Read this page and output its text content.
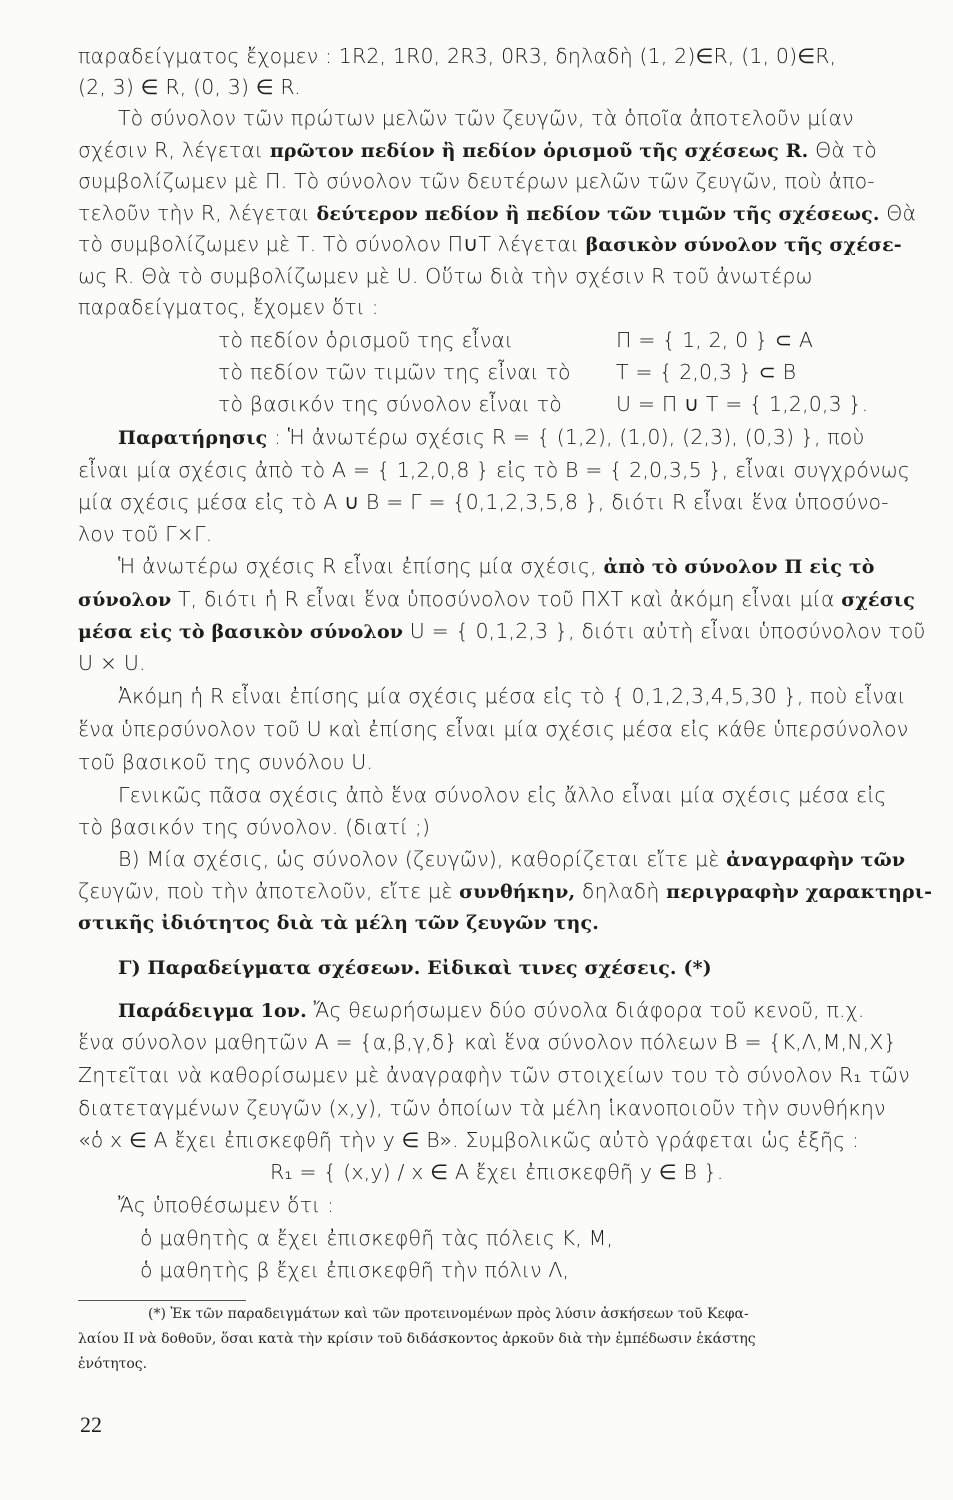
παραδείγματος ἔχομεν : 1R2, 1R0, 2R3, 0R3, δηλαδὴ (1, 2)∈R, (1, 0)∈R,
(2, 3) ∈ R, (0, 3) ∈ R.
Τὸ σύνολον τῶν πρώτων μελῶν τῶν ζευγῶν, τὰ ὁποῖα ἀποτελοῦν μίαν
σχέσιν R, λέγεται πρῶτον πεδίον ἢ πεδίον ὁρισμοῦ τῆς σχέσεως R. Θὰ τὸ
συμβολίζωμεν μὲ Π. Τὸ σύνολον τῶν δευτέρων μελῶν τῶν ζευγῶν, ποὺ ἀπο-
τελοῦν τὴν R, λέγεται δεύτερον πεδίον ἢ πεδίον τῶν τιμῶν τῆς σχέσεως. Θὰ
τὸ συμβολίζωμεν μὲ Τ. Τὸ σύνολον Π∪Τ λέγεται βασικὸν σύνολον τῆς σχέσε-
ως R. Θὰ τὸ συμβολίζωμεν μὲ U. Οὕτω διὰ τὴν σχέσιν R τοῦ ἀνωτέρω
παραδείγματος, ἔχομεν ὅτι :
τὸ πεδίον ὁρισμοῦ της εἶναι	Π = { 1, 2, 0 } ⊂ A
τὸ πεδίον τῶν τιμῶν της εἶναι τὸ Τ = { 2,0,3 } ⊂ B
τὸ βασικόν της σύνολον εἶναι τὸ	U = Π ∪ Τ = { 1,2,0,3 }.
Παρατήρησις : Ἡ ἀνωτέρω σχέσις R = { (1,2), (1,0), (2,3), (0,3) }, ποὺ
εἶναι μία σχέσις ἀπὸ τὸ A = { 1,2,0,8 } εἰς τὸ B = { 2,0,3,5 }, εἶναι συγχρόνως
μία σχέσις μέσα εἰς τὸ A ∪ B = Γ = {0,1,2,3,5,8 }, διότι R εἶναι ἕνα ὑποσύνο-
λον τοῦ Γ×Γ.
Ἡ ἀνωτέρω σχέσις R εἶναι ἐπίσης μία σχέσις, ἀπὸ τὸ σύνολον Π εἰς τὸ
σύνολον Τ, διότι ἡ R εἶναι ἕνα ὑποσύνολον τοῦ ΠΧΤ καὶ ἀκόμη εἶναι μία σχέσις
μέσα εἰς τὸ βασικὸν σύνολον U = { 0,1,2,3 }, διότι αὐτὴ εἶναι ὑποσύνολον τοῦ
U × U.
Ἀκόμη ἡ R εἶναι ἐπίσης μία σχέσις μέσα εἰς τὸ { 0,1,2,3,4,5,30 }, ποὺ εἶναι
ἕνα ὑπερσύνολον τοῦ U καὶ ἐπίσης εἶναι μία σχέσις μέσα εἰς κάθε ὑπερσύνολον
τοῦ βασικοῦ της συνόλου U.
Γενικῶς πᾶσα σχέσις ἀπὸ ἕνα σύνολον εἰς ἄλλο εἶναι μία σχέσις μέσα εἰς
τὸ βασικόν της σύνολον. (διατί ;)
Β) Μία σχέσις, ὡς σύνολον (ζευγῶν), καθορίζεται εἴτε μὲ ἀναγραφὴν τῶν
ζευγῶν, ποὺ τὴν ἀποτελοῦν, εἴτε μὲ συνθήκην, δηλαδὴ περιγραφὴν χαρακτηρι-
στικῆς ἰδιότητος διὰ τὰ μέλη τῶν ζευγῶν της.
Γ) Παραδείγματα σχέσεων. Εἰδικαὶ τινες σχέσεις. (*)
Παράδειγμα 1ον. Ἄς θεωρήσωμεν δύο σύνολα διάφορα τοῦ κενοῦ, π.χ.
ἕνα σύνολον μαθητῶν A = {α,β,γ,δ} καὶ ἕνα σύνολον πόλεων B = {Κ,Λ,Μ,Ν,Χ}
Ζητεῖται νὰ καθορίσωμεν μὲ ἀναγραφὴν τῶν στοιχείων του τὸ σύνολον R₁ τῶν
διατεταγμένων ζευγῶν (x,y), τῶν ὁποίων τὰ μέλη ἱκανοποιοῦν τὴν συνθήκην
«ὁ x ∈ A ἔχει ἐπισκεφθῆ τὴν y ∈ B». Συμβολικῶς αὐτὸ γράφεται ὡς ἑξῆς :
R₁ = { (x,y) / x ∈ A ἔχει ἐπισκεφθῆ y ∈ B }.
Ἄς ὑποθέσωμεν ὅτι :
ὁ μαθητὴς α ἔχει ἐπισκεφθῆ τὰς πόλεις Κ, Μ,
ὁ μαθητὴς β ἔχει ἐπισκεφθῆ τὴν πόλιν Λ,
(*) Ἐκ τῶν παραδειγμάτων καὶ τῶν προτεινομένων πρὸς λύσιν ἀσκήσεων τοῦ Κεφα-
λαίου ΙΙ νὰ δοθοῦν, ὅσαι κατὰ τὴν κρίσιν τοῦ διδάσκοντος ἀρκοῦν διὰ τὴν ἐμπέδωσιν ἑκάστης
ἑνότητος.
22
